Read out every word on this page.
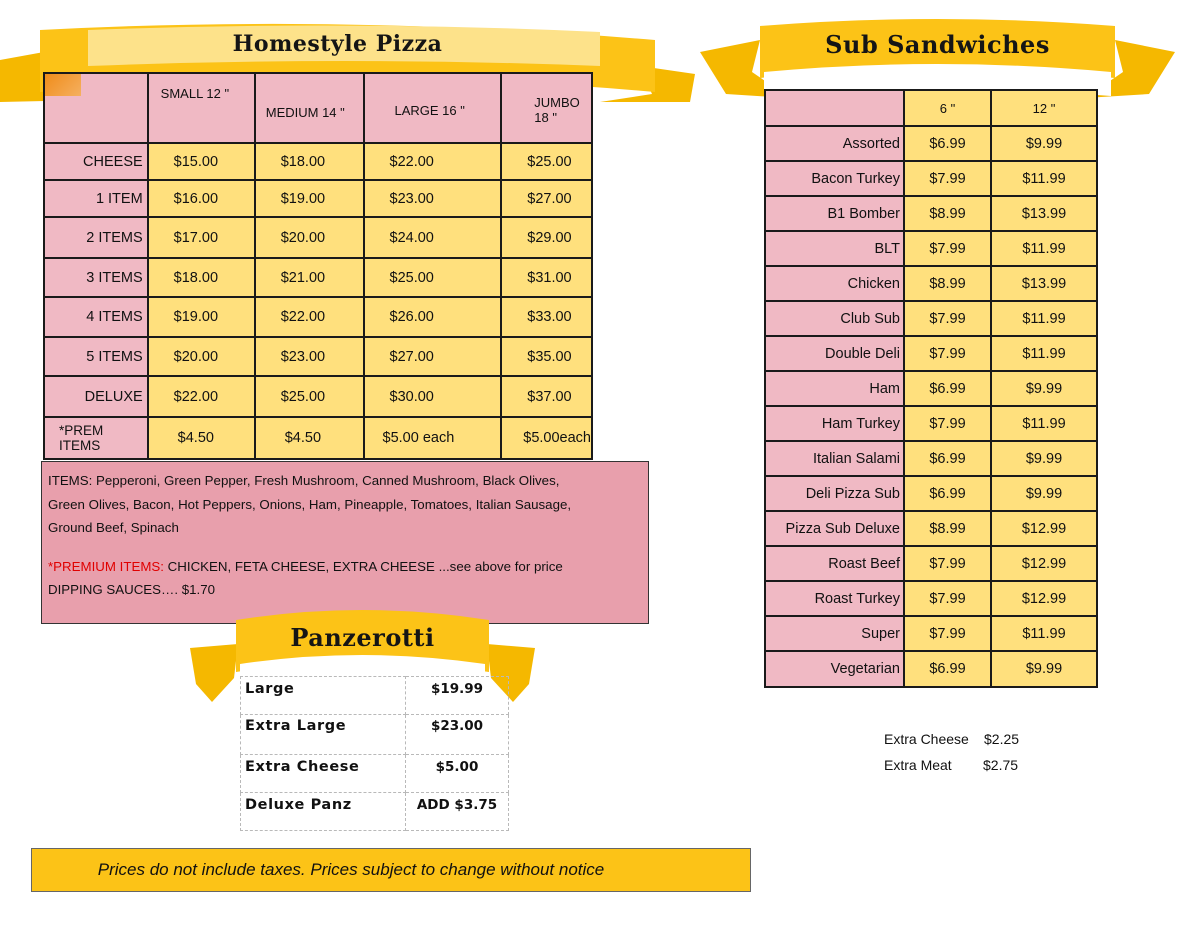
Homestyle Pizza
	SMALL 12 "	MEDIUM 14 "	LARGE 16 "	JUMBO 18 "
CHEESE	$15.00	$18.00	$22.00	$25.00
1 ITEM	$16.00	$19.00	$23.00	$27.00
2 ITEMS	$17.00	$20.00	$24.00	$29.00
3 ITEMS	$18.00	$21.00	$25.00	$31.00
4 ITEMS	$19.00	$22.00	$26.00	$33.00
5 ITEMS	$20.00	$23.00	$27.00	$35.00
DELUXE	$22.00	$25.00	$30.00	$37.00
*PREM ITEMS	$4.50	$4.50	$5.00 each	$5.00each
ITEMS: Pepperoni, Green Pepper, Fresh Mushroom, Canned Mushroom, Black Olives,
Green Olives, Bacon, Hot Peppers, Onions, Ham, Pineapple, Tomatoes, Italian Sausage,
Ground Beef, Spinach
*PREMIUM ITEMS: CHICKEN, FETA CHEESE, EXTRA CHEESE ...see above for price
DIPPING SAUCES…. $1.70
Panzerotti
Large	$19.99
Extra Large	$23.00
Extra Cheese	$5.00
Deluxe Panz	ADD $3.75
Prices do not include taxes. Prices subject to change without notice
Sub Sandwiches
	6 "	12 "
Assorted	$6.99	$9.99
Bacon Turkey	$7.99	$11.99
B1 Bomber	$8.99	$13.99
BLT	$7.99	$11.99
Chicken	$8.99	$13.99
Club Sub	$7.99	$11.99
Double Deli	$7.99	$11.99
Ham	$6.99	$9.99
Ham Turkey	$7.99	$11.99
Italian Salami	$6.99	$9.99
Deli Pizza Sub	$6.99	$9.99
Pizza Sub Deluxe	$8.99	$12.99
Roast Beef	$7.99	$12.99
Roast Turkey	$7.99	$12.99
Super	$7.99	$11.99
Vegetarian	$6.99	$9.99
Extra Cheese $2.25
Extra Meat $2.75
